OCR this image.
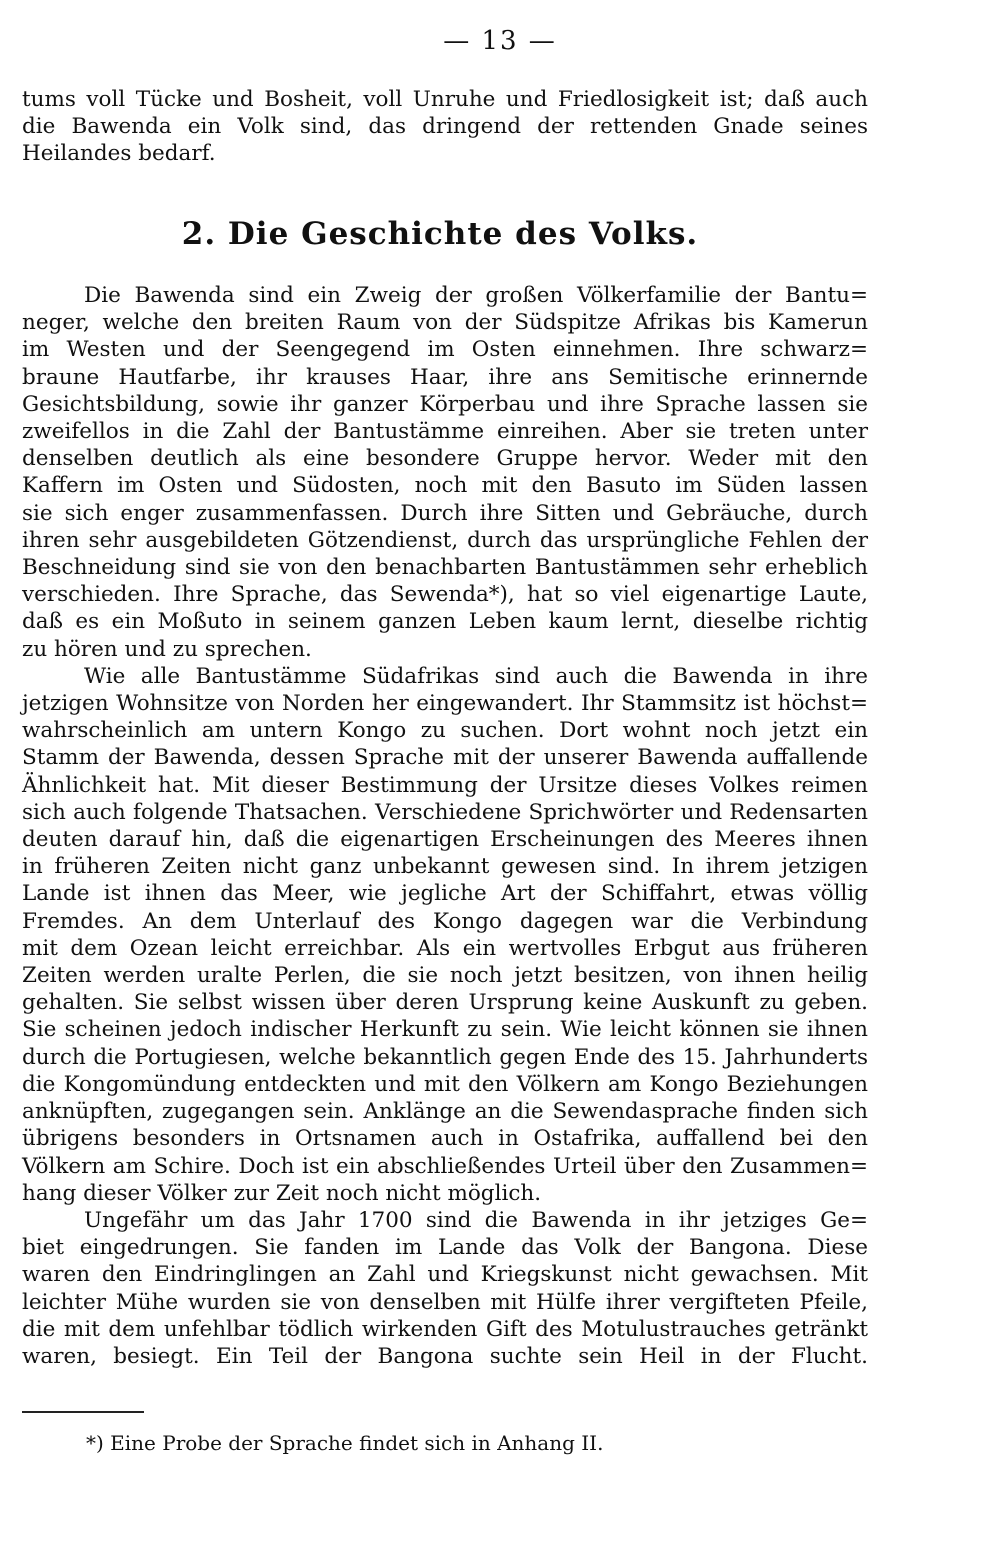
— 13 —
tums voll Tücke und Bosheit, voll Unruhe und Friedlosigkeit ist; daß auch
die Bawenda ein Volk sind, das dringend der rettenden Gnade seines
Heilandes bedarf.
2. Die Geschichte des Volks.
Die Bawenda sind ein Zweig der großen Völkerfamilie der Bantu=
neger, welche den breiten Raum von der Südspitze Afrikas bis Kamerun
im Westen und der Seengegend im Osten einnehmen. Ihre schwarz=
braune Hautfarbe, ihr krauses Haar, ihre ans Semitische erinnernde
Gesichtsbildung, sowie ihr ganzer Körperbau und ihre Sprache lassen sie
zweifellos in die Zahl der Bantustämme einreihen. Aber sie treten unter
denselben deutlich als eine besondere Gruppe hervor. Weder mit den
Kaffern im Osten und Südosten, noch mit den Basuto im Süden lassen
sie sich enger zusammenfassen. Durch ihre Sitten und Gebräuche, durch
ihren sehr ausgebildeten Götzendienst, durch das ursprüngliche Fehlen der
Beschneidung sind sie von den benachbarten Bantustämmen sehr erheblich
verschieden. Ihre Sprache, das Sewenda*), hat so viel eigenartige Laute,
daß es ein Moßuto in seinem ganzen Leben kaum lernt, dieselbe richtig
zu hören und zu sprechen.
Wie alle Bantustämme Südafrikas sind auch die Bawenda in ihre
jetzigen Wohnsitze von Norden her eingewandert. Ihr Stammsitz ist höchst=
wahrscheinlich am untern Kongo zu suchen. Dort wohnt noch jetzt ein
Stamm der Bawenda, dessen Sprache mit der unserer Bawenda auffallende
Ähnlichkeit hat. Mit dieser Bestimmung der Ursitze dieses Volkes reimen
sich auch folgende Thatsachen. Verschiedene Sprichwörter und Redensarten
deuten darauf hin, daß die eigenartigen Erscheinungen des Meeres ihnen
in früheren Zeiten nicht ganz unbekannt gewesen sind. In ihrem jetzigen
Lande ist ihnen das Meer, wie jegliche Art der Schiffahrt, etwas völlig
Fremdes. An dem Unterlauf des Kongo dagegen war die Verbindung
mit dem Ozean leicht erreichbar. Als ein wertvolles Erbgut aus früheren
Zeiten werden uralte Perlen, die sie noch jetzt besitzen, von ihnen heilig
gehalten. Sie selbst wissen über deren Ursprung keine Auskunft zu geben.
Sie scheinen jedoch indischer Herkunft zu sein. Wie leicht können sie ihnen
durch die Portugiesen, welche bekanntlich gegen Ende des 15. Jahrhunderts
die Kongomündung entdeckten und mit den Völkern am Kongo Beziehungen
anknüpften, zugegangen sein. Anklänge an die Sewendasprache finden sich
übrigens besonders in Ortsnamen auch in Ostafrika, auffallend bei den
Völkern am Schire. Doch ist ein abschließendes Urteil über den Zusammen=
hang dieser Völker zur Zeit noch nicht möglich.
Ungefähr um das Jahr 1700 sind die Bawenda in ihr jetziges Ge=
biet eingedrungen. Sie fanden im Lande das Volk der Bangona. Diese
waren den Eindringlingen an Zahl und Kriegskunst nicht gewachsen. Mit
leichter Mühe wurden sie von denselben mit Hülfe ihrer vergifteten Pfeile,
die mit dem unfehlbar tödlich wirkenden Gift des Motulustrauches getränkt
waren, besiegt. Ein Teil der Bangona suchte sein Heil in der Flucht.
*) Eine Probe der Sprache findet sich in Anhang II.
